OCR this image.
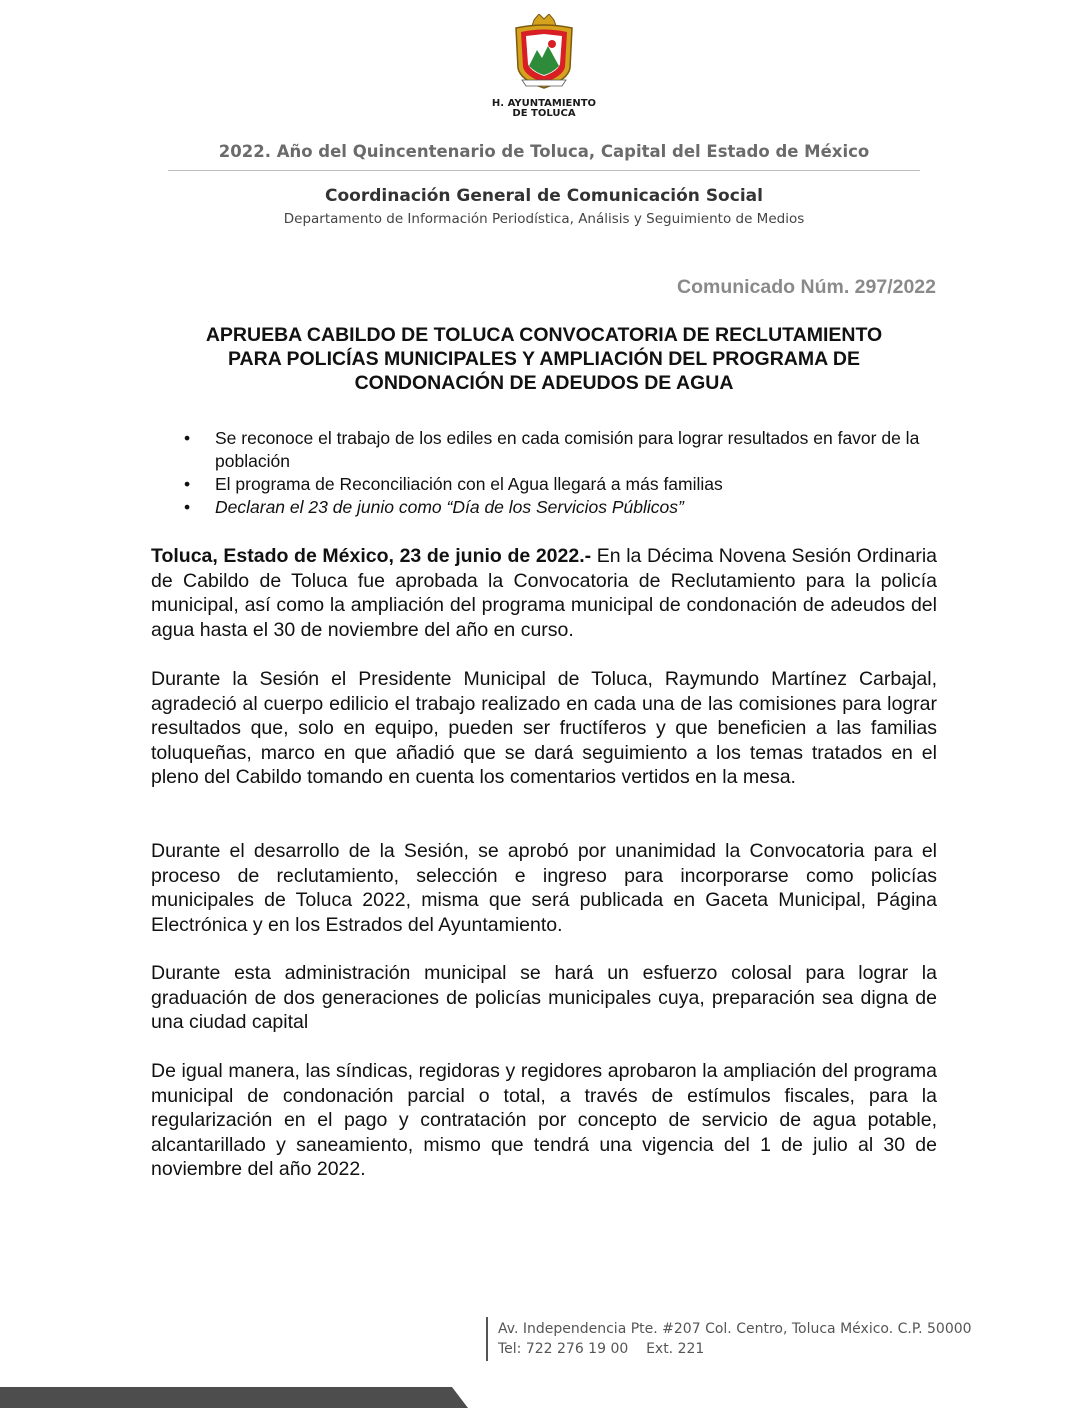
H. AYUNTAMIENTO
DE TOLUCA
2022. Año del Quincentenario de Toluca, Capital del Estado de México
Coordinación General de Comunicación Social
Departamento de Información Periodística, Análisis y Seguimiento de Medios
Comunicado Núm. 297/2022
APRUEBA CABILDO DE TOLUCA CONVOCATORIA DE RECLUTAMIENTO
PARA POLICÍAS MUNICIPALES Y AMPLIACIÓN DEL PROGRAMA DE
CONDONACIÓN DE ADEUDOS DE AGUA
• Se reconoce el trabajo de los ediles en cada comisión para lograr resultados en favor de la población
• El programa de Reconciliación con el Agua llegará a más familias
• Declaran el 23 de junio como “Día de los Servicios Públicos”

Toluca, Estado de México, 23 de junio de 2022.- En la Décima Novena Sesión Ordinaria de Cabildo de Toluca fue aprobada la Convocatoria de Reclutamiento para la policía municipal, así como la ampliación del programa municipal de condonación de adeudos del agua hasta el 30 de noviembre del año en curso.

Durante la Sesión el Presidente Municipal de Toluca, Raymundo Martínez Carbajal, agradeció al cuerpo edilicio el trabajo realizado en cada una de las comisiones para lograr resultados que, solo en equipo, pueden ser fructíferos y que beneficien a las familias toluqueñas, marco en que añadió que se dará seguimiento a los temas tratados en el pleno del Cabildo tomando en cuenta los comentarios vertidos en la mesa.

Durante el desarrollo de la Sesión, se aprobó por unanimidad la Convocatoria para el proceso de reclutamiento, selección e ingreso para incorporarse como policías municipales de Toluca 2022, misma que será publicada en Gaceta Municipal, Página Electrónica y en los Estrados del Ayuntamiento.

Durante esta administración municipal se hará un esfuerzo colosal para lograr la graduación de dos generaciones de policías municipales cuya, preparación sea digna de una ciudad capital

De igual manera, las síndicas, regidoras y regidores aprobaron la ampliación del programa municipal de condonación parcial o total, a través de estímulos fiscales, para la regularización en el pago y contratación por concepto de servicio de agua potable, alcantarillado y saneamiento, mismo que tendrá una vigencia del 1 de julio al 30 de noviembre del año 2022.

Av. Independencia Pte. #207 Col. Centro, Toluca México. C.P. 50000
Tel: 722 276 19 00    Ext. 221
